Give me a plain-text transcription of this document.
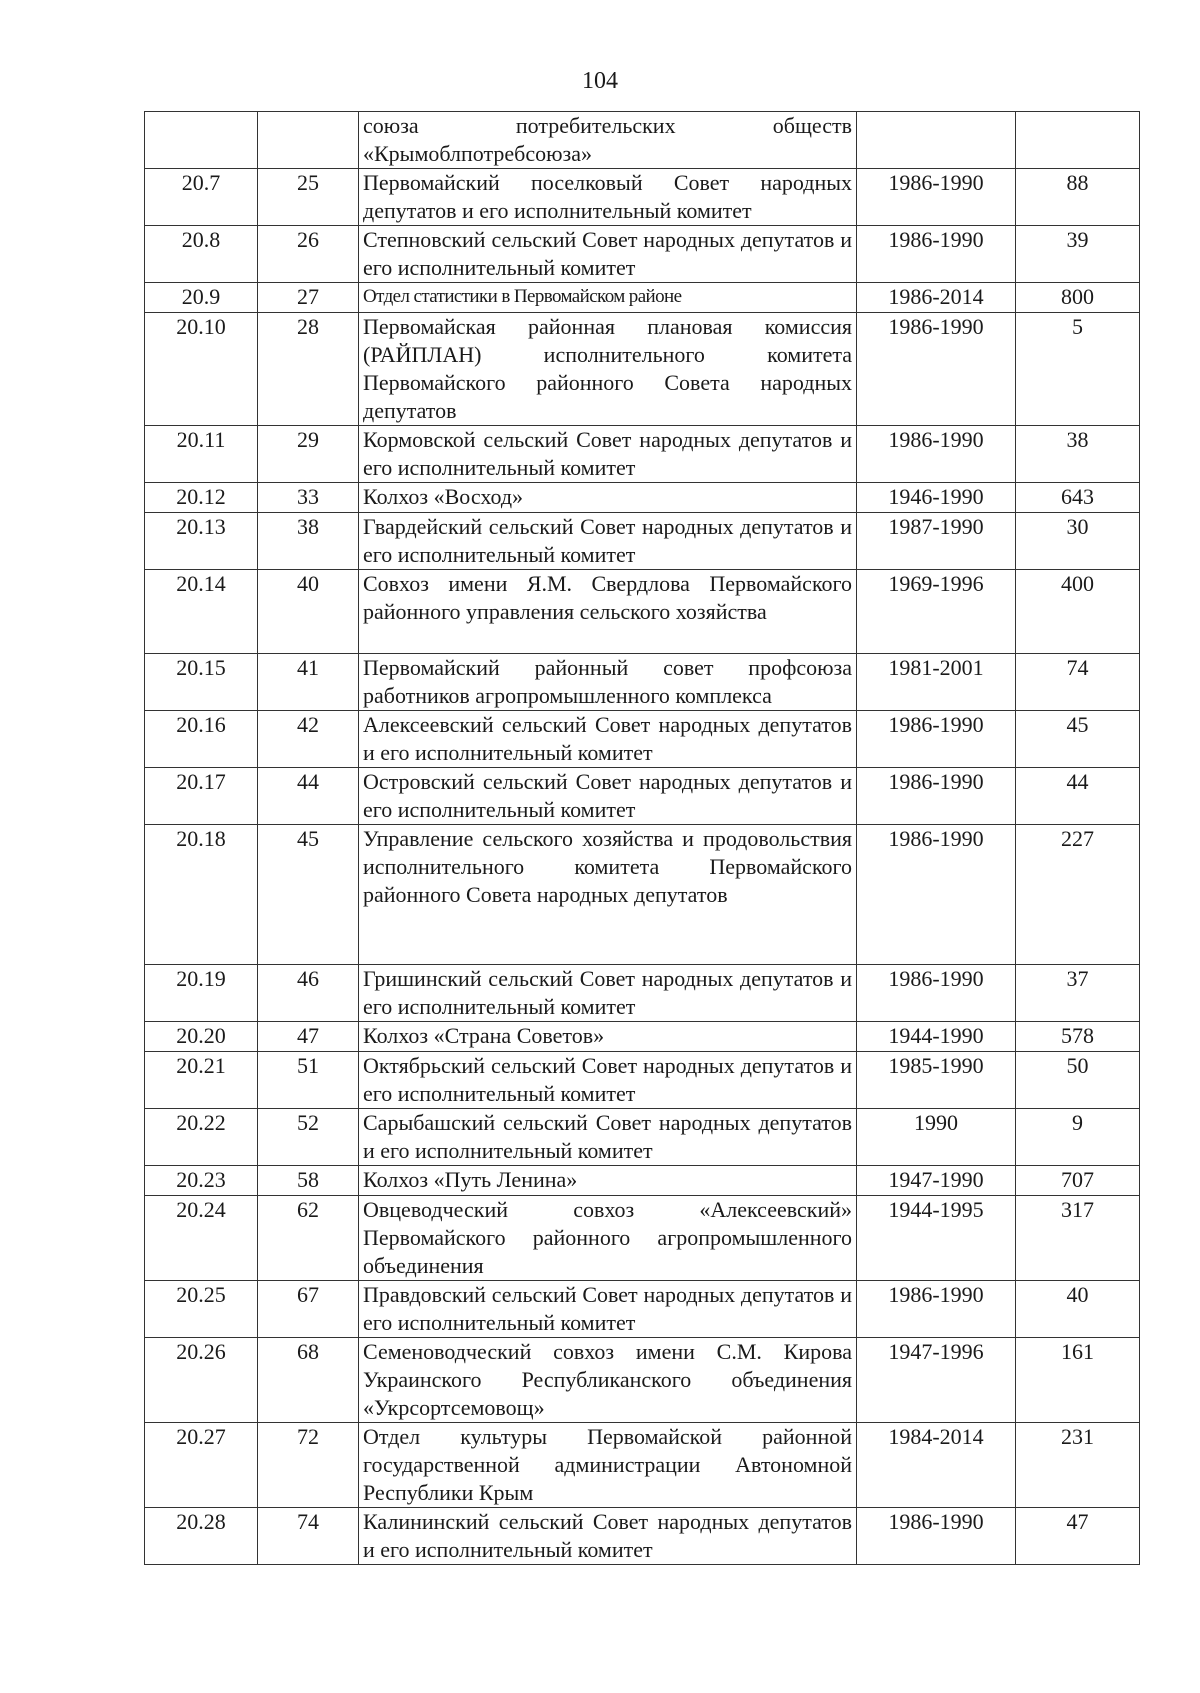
104
		союза потребительских обществ «Крымоблпотребсоюза»		
20.7	25	Первомайский поселковый Совет народных депутатов и его исполнительный комитет	1986-1990	88
20.8	26	Степновский сельский Совет народных депутатов и его исполнительный комитет	1986-1990	39
20.9	27	Отдел статистики в Первомайском районе	1986-2014	800
20.10	28	Первомайская районная плановая комиссия (РАЙПЛАН) исполнительного комитета Первомайского районного Совета народных депутатов	1986-1990	5
20.11	29	Кормовской сельский Совет народных депутатов и его исполнительный комитет	1986-1990	38
20.12	33	Колхоз «Восход»	1946-1990	643
20.13	38	Гвардейский сельский Совет народных депутатов и его исполнительный комитет	1987-1990	30
20.14	40	Совхоз имени Я.М. Свердлова Первомайского районного управления сельского хозяйства	1969-1996	400
20.15	41	Первомайский районный совет профсоюза работников агропромышленного комплекса	1981-2001	74
20.16	42	Алексеевский сельский Совет народных депутатов и его исполнительный комитет	1986-1990	45
20.17	44	Островский сельский Совет народных депутатов и его исполнительный комитет	1986-1990	44
20.18	45	Управление сельского хозяйства и продовольствия исполнительного комитета Первомайского районного Совета народных депутатов	1986-1990	227
20.19	46	Гришинский сельский Совет народных депутатов и его исполнительный комитет	1986-1990	37
20.20	47	Колхоз «Страна Советов»	1944-1990	578
20.21	51	Октябрьский сельский Совет народных депутатов и его исполнительный комитет	1985-1990	50
20.22	52	Сарыбашский сельский Совет народных депутатов и его исполнительный комитет	1990	9
20.23	58	Колхоз «Путь Ленина»	1947-1990	707
20.24	62	Овцеводческий совхоз «Алексеевский» Первомайского районного агропромышленного объединения	1944-1995	317
20.25	67	Правдовский сельский Совет народных депутатов и его исполнительный комитет	1986-1990	40
20.26	68	Семеноводческий совхоз имени С.М. Кирова Украинского Республиканского объединения «Укрсортсемовощ»	1947-1996	161
20.27	72	Отдел культуры Первомайской районной государственной администрации Автономной Республики Крым	1984-2014	231
20.28	74	Калининский сельский Совет народных депутатов и его исполнительный комитет	1986-1990	47
